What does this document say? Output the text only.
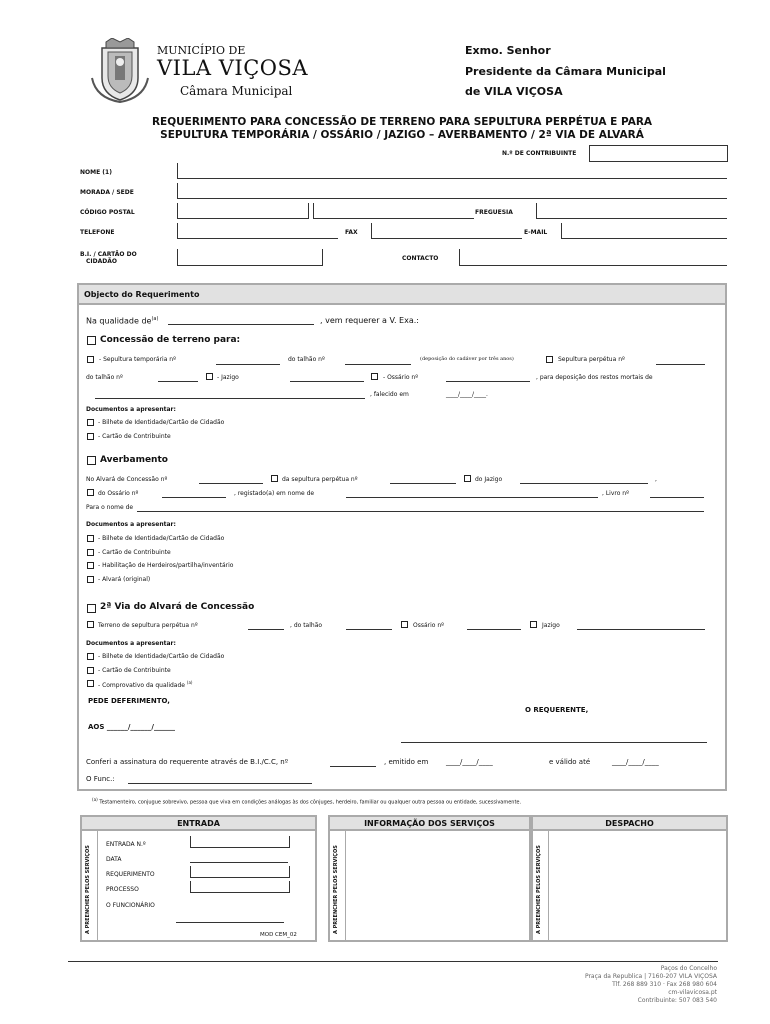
MUNICÍPIO DE
VILA VIÇOSA
Câmara Municipal
Exmo. Senhor
Presidente da Câmara Municipal
de VILA VIÇOSA
REQUERIMENTO PARA CONCESSÃO DE TERRENO PARA SEPULTURA PERPÉTUA E PARA
SEPULTURA TEMPORÁRIA / OSSÁRIO / JAZIGO – AVERBAMENTO / 2ª VIA DE ALVARÁ
N.º DE CONTRIBUINTE
NOME (1)
MORADA / SEDE
CÓDIGO POSTAL	FREGUESIA
TELEFONE	FAX	E-MAIL
B.I. / CARTÃO DO
CIDADÃO	CONTACTO
Objecto do Requerimento
Na qualidade $de^{(a)}$	, vem requerer a V. Exa.:
Concessão de terreno para:
- Sepultura temporária nº	do talhão nº	(deposição do cadáver por três anos)	Sepultura perpétua nº
do talhão nº	- Jazigo	- Ossário nº	, para deposição dos restos mortais de
, falecido em	____/____/____.
Documentos a apresentar:
- Bilhete de Identidade/Cartão de Cidadão
- Cartão de Contribuinte
Averbamento
No Alvará de Concessão nº	da sepultura perpétua nº	do Jazigo	,
do Ossário nº	, registado(a) em nome de	, Livro nº
Para o nome de
Documentos a apresentar:
- Bilhete de Identidade/Cartão de Cidadão
- Cartão de Contribuinte
- Habilitação de Herdeiros/partilha/inventário
- Alvará (original)
2ª Via do Alvará de Concessão
Terreno de sepultura perpétua nº	, do talhão	Ossário nº	Jazigo
Documentos a apresentar:
- Bilhete de Identidade/Cartão de Cidadão
- Cartão de Contribuinte
- Comprovativo da qualidade $^{(a)}$
PEDE DEFERIMENTO,
O REQUERENTE,
AOS ______/______/______
Conferi a assinatura do requerente através de B.I./C.C, nº	, emitido em	____/____/____	e válido até	____/____/____
O Func.:
$^{(a)}$ Testamenteiro, conjugue sobrevivo, pessoa que viva em condições análogas às dos cônjuges, herdeiro, familiar ou qualquer outra pessoa ou entidade, sucessivamente.
ENTRADA
A PREENCHER PELOS SERVIÇOS
ENTRADA N.º
DATA
REQUERIMENTO
PROCESSO
O FUNCIONÁRIO
MOD CEM_02
INFORMAÇÃO DOS SERVIÇOS
A PREENCHER PELOS SERVIÇOS
DESPACHO
A PREENCHER PELOS SERVIÇOS
Paços do Concelho
Praça da Republica | 7160-207 VILA VIÇOSA
Tlf. 268 889 310 · Fax 268 980 604
cm-vilavicosa.pt
Contribuinte: 507 083 540
